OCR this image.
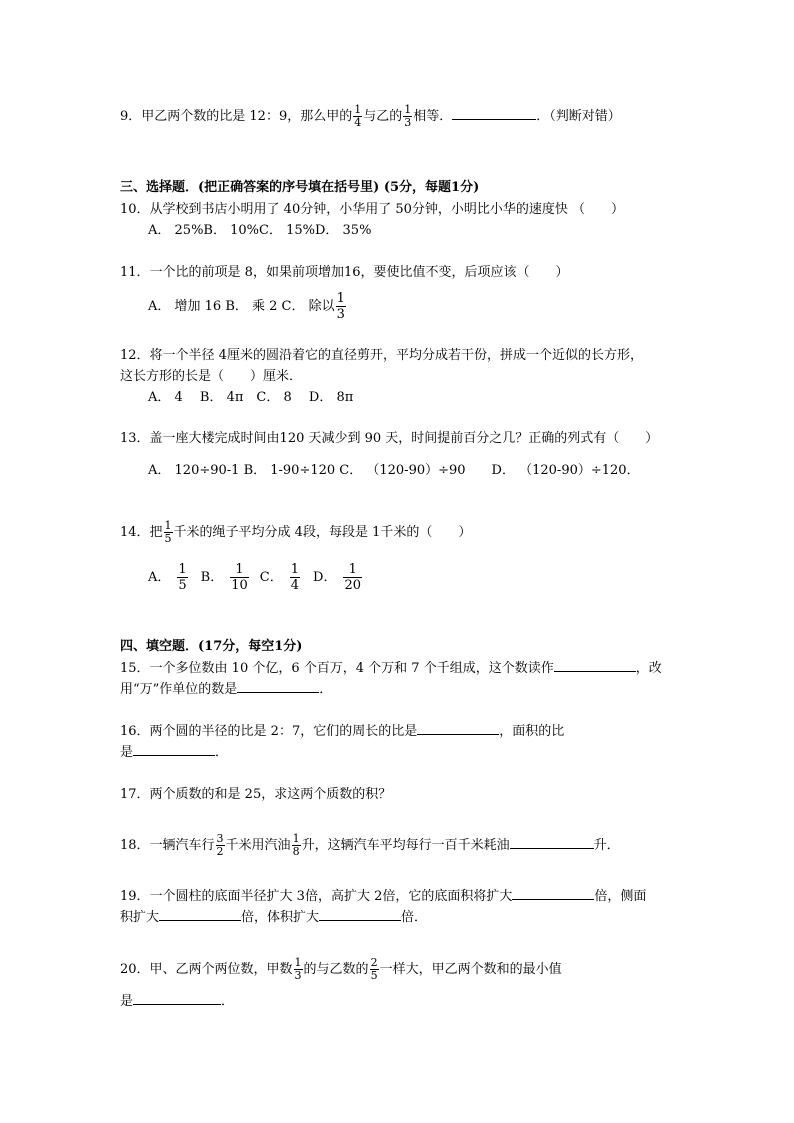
9．甲乙两个数的比是 12：9，那么甲的 $\frac{1}{4}$ 与乙的 $\frac{1}{3}$ 相等．	．（判断对错）
三、选择题．(把正确答案的序号填在括号里) (5分，每题1分)
10．从学校到书店小明用了 40分钟，小华用了 50分钟，小明比小华的速度快 （　　）
A． 25%B． 10%C． 15%D． 35%
11．一个比的前项是 8，如果前项增加16，要使比值不变，后项应该（　　）
A． 增加 16 B． 乘 2 C． 除以 $\frac{1}{3}$
12．将一个半径 4厘米的圆沿着它的直径剪开，平均分成若干份，拼成一个近似的长方形，
这长方形的长是（　　）厘米．
A． 4　 B． 4π　C． 8　 D． 8π
13．盖一座大楼完成时间由120 天减少到 90 天，时间提前百分之几？正确的列式有（　　）
A． 120÷90-1 B． 1-90÷120 C． （120-90）÷90　　D． （120-90）÷120．
14．把 $\frac{1}{5}$ 千米的绳子平均分成 4段，每段是 1千米的（　　）
A． $\frac{1}{5}$ B． $\frac{1}{10}$ C． $\frac{1}{4}$ D． $\frac{1}{20}$
四、填空题．(17分，每空1分)
15．一个多位数由 10 个亿，6 个百万，4 个万和 7 个千组成，这个数读作	，改
用“万”作单位的数是	．
16．两个圆的半径的比是 2：7，它们的周长的比是	，面积的比
是	．
17．两个质数的和是 25，求这两个质数的积？
18．一辆汽车行 $\frac{3}{2}$ 千米用汽油 $\frac{1}{8}$ 升，这辆汽车平均每行一百千米耗油	升．
19．一个圆柱的底面半径扩大 3倍，高扩大 2倍，它的底面积将扩大	倍，侧面
积扩大	倍，体积扩大	倍．
20．甲、乙两个两位数，甲数 $\frac{1}{3}$ 的与乙数的 $\frac{2}{5}$ 一样大，甲乙两个数和的最小值
是	．
